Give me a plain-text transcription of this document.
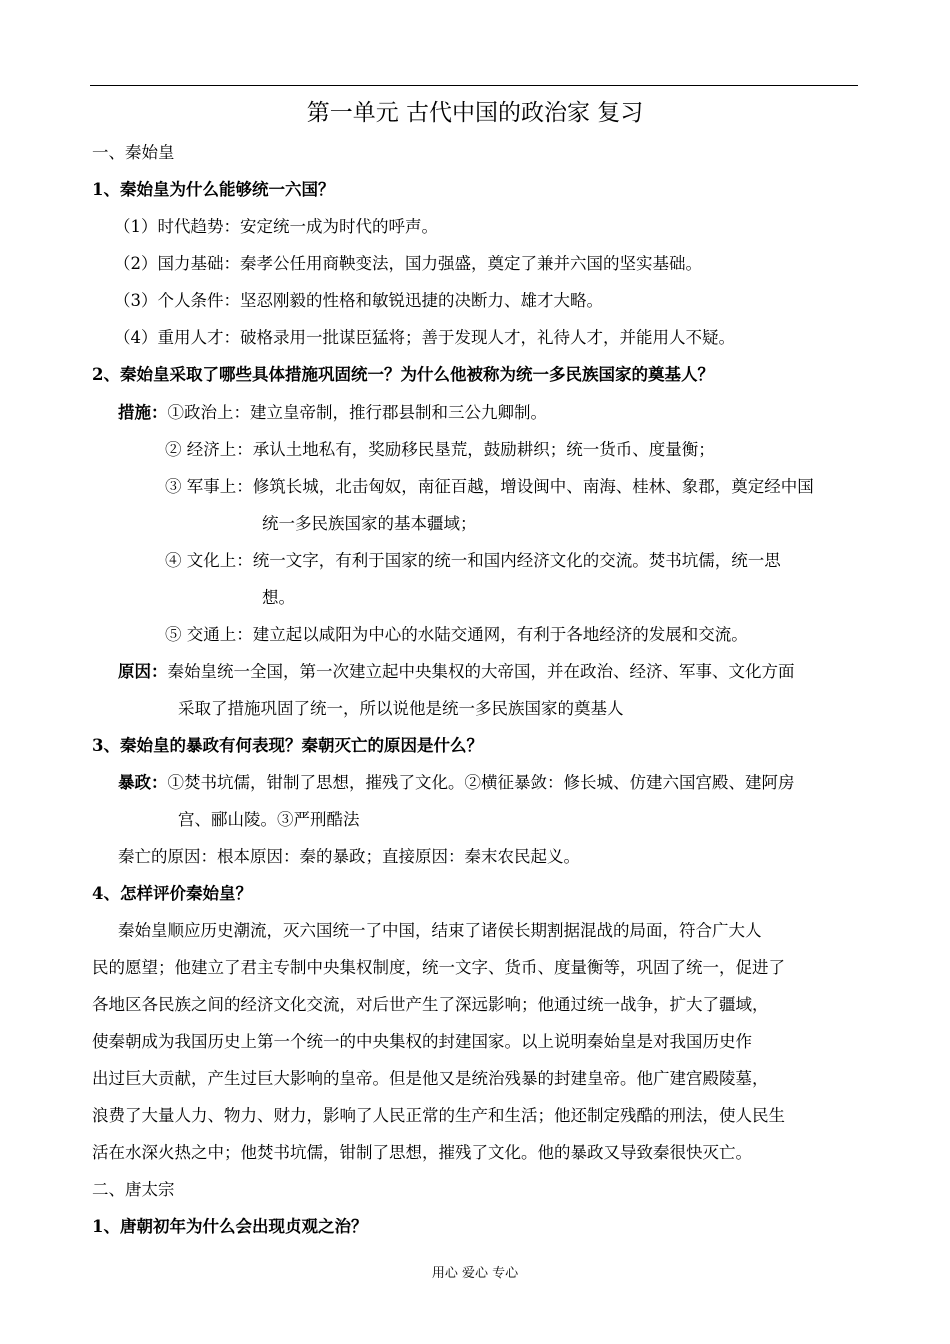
第一单元 古代中国的政治家 复习
一、秦始皇
1、秦始皇为什么能够统一六国？
（1）时代趋势：安定统一成为时代的呼声。
（2）国力基础：秦孝公任用商鞅变法，国力强盛，奠定了兼并六国的坚实基础。
（3）个人条件：坚忍刚毅的性格和敏锐迅捷的决断力、雄才大略。
（4）重用人才：破格录用一批谋臣猛将；善于发现人才，礼待人才，并能用人不疑。
2、秦始皇采取了哪些具体措施巩固统一？为什么他被称为统一多民族国家的奠基人？
措施：①政治上：建立皇帝制，推行郡县制和三公九卿制。
② 经济上：承认土地私有，奖励移民垦荒，鼓励耕织；统一货币、度量衡；
③ 军事上：修筑长城，北击匈奴，南征百越，增设闽中、南海、桂林、象郡，奠定经中国
统一多民族国家的基本疆域；
④ 文化上：统一文字，有利于国家的统一和国内经济文化的交流。焚书坑儒，统一思
想。
⑤ 交通上：建立起以咸阳为中心的水陆交通网，有利于各地经济的发展和交流。
原因：秦始皇统一全国，第一次建立起中央集权的大帝国，并在政治、经济、军事、文化方面
采取了措施巩固了统一，所以说他是统一多民族国家的奠基人
3、秦始皇的暴政有何表现？秦朝灭亡的原因是什么？
暴政：①焚书坑儒，钳制了思想，摧残了文化。②横征暴敛：修长城、仿建六国宫殿、建阿房
宫、郦山陵。③严刑酷法
秦亡的原因：根本原因：秦的暴政；直接原因：秦末农民起义。
4、怎样评价秦始皇？
秦始皇顺应历史潮流，灭六国统一了中国，结束了诸侯长期割据混战的局面，符合广大人
民的愿望；他建立了君主专制中央集权制度，统一文字、货币、度量衡等，巩固了统一，促进了
各地区各民族之间的经济文化交流，对后世产生了深远影响；他通过统一战争，扩大了疆域，
使秦朝成为我国历史上第一个统一的中央集权的封建国家。以上说明秦始皇是对我国历史作
出过巨大贡献，产生过巨大影响的皇帝。但是他又是统治残暴的封建皇帝。他广建宫殿陵墓，
浪费了大量人力、物力、财力，影响了人民正常的生产和生活；他还制定残酷的刑法，使人民生
活在水深火热之中；他焚书坑儒，钳制了思想，摧残了文化。他的暴政又导致秦很快灭亡。
二、唐太宗
1、唐朝初年为什么会出现贞观之治？
用心 爱心 专心
